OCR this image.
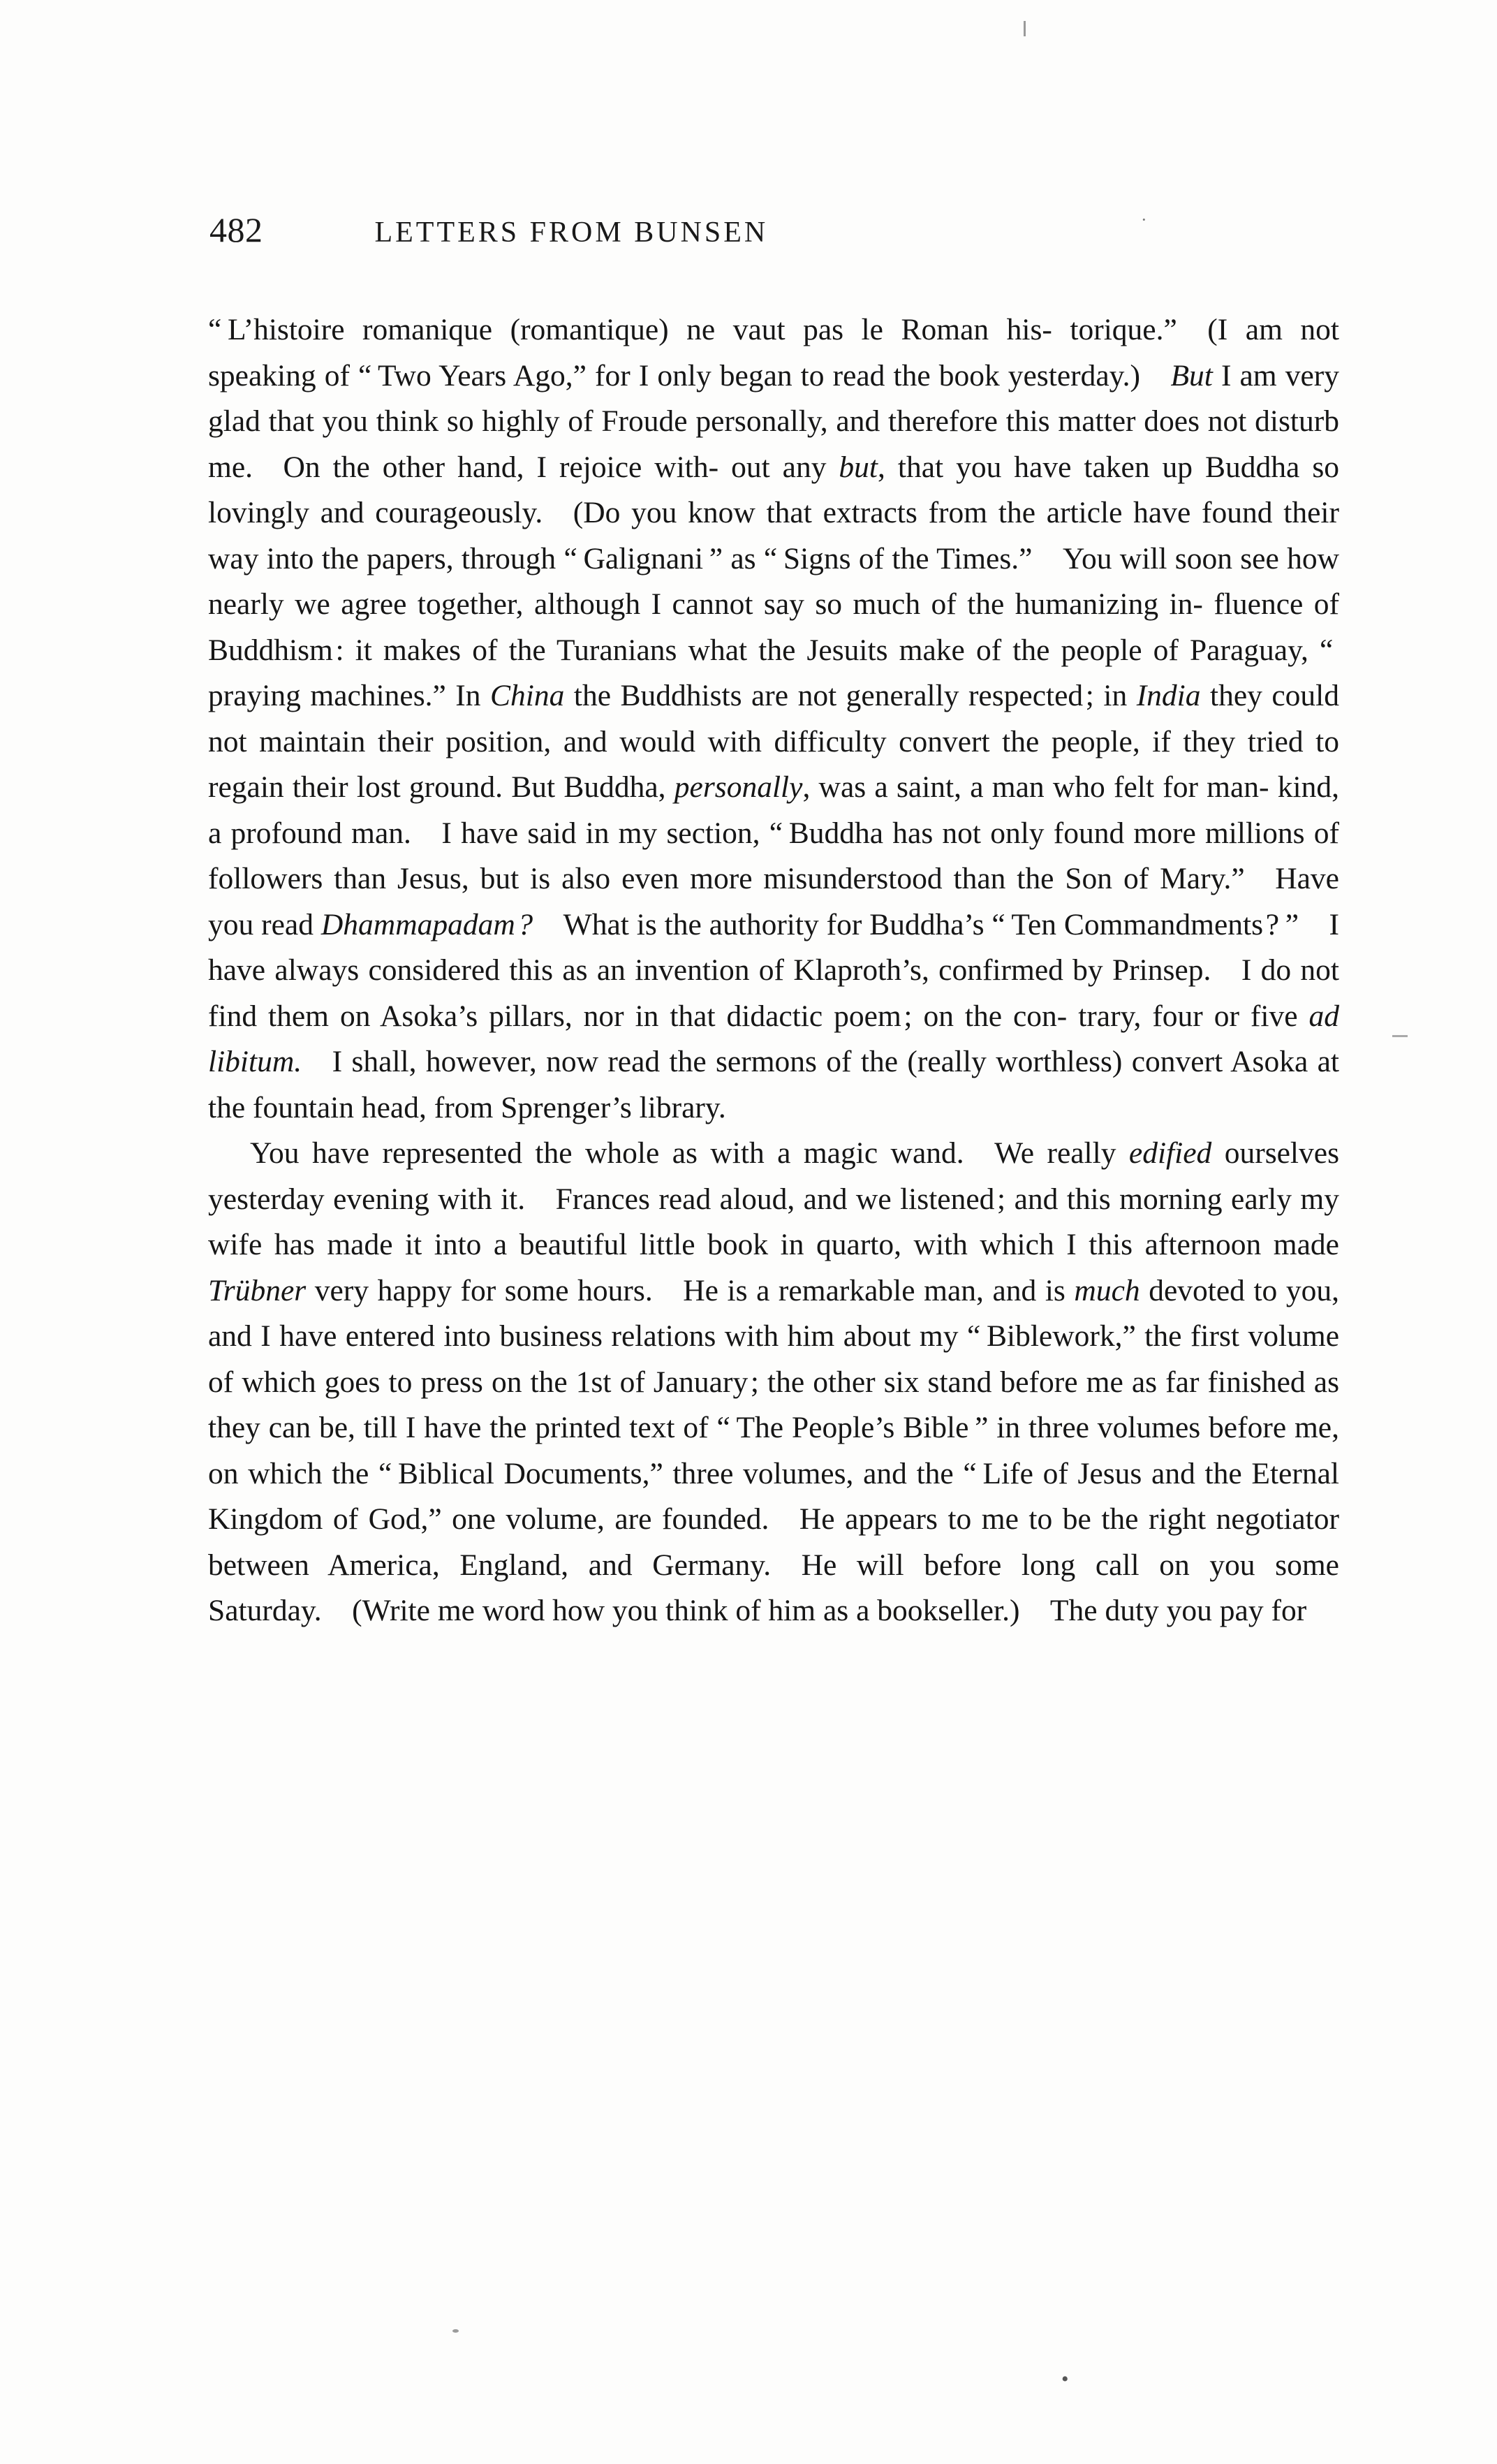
482	LETTERS FROM BUNSEN	·

“ L’histoire romanique (romantique) ne vaut pas le Roman his- torique.” (I am not speaking of “ Two Years Ago,” for I only began to read the book yesterday.) But I am very glad that you think so highly of Froude personally, and therefore this matter does not disturb me. On the other hand, I rejoice with- out any but, that you have taken up Buddha so lovingly and courageously. (Do you know that extracts from the article have found their way into the papers, through “ Galignani ” as “ Signs of the Times.” You will soon see how nearly we agree together, although I cannot say so much of the humanizing in- fluence of Buddhism : it makes of the Turanians what the Jesuits make of the people of Paraguay, “ praying machines.” In China the Buddhists are not generally respected ; in India they could not maintain their position, and would with difficulty convert the people, if they tried to regain their lost ground. But Buddha, personally, was a saint, a man who felt for man- kind, a profound man. I have said in my section, “ Buddha has not only found more millions of followers than Jesus, but is also even more misunderstood than the Son of Mary.” Have you read Dhammapadam ? What is the authority for Buddha’s “ Ten Commandments ? ” I have always considered this as an invention of Klaproth’s, confirmed by Prinsep. I do not find them on Asoka’s pillars, nor in that didactic poem ; on the con- trary, four or five ad libitum. I shall, however, now read the sermons of the (really worthless) convert Asoka at the fountain head, from Sprenger’s library.

You have represented the whole as with a magic wand. We really edified ourselves yesterday evening with it. Frances read aloud, and we listened ; and this morning early my wife has made it into a beautiful little book in quarto, with which I this afternoon made Trübner very happy for some hours. He is a remarkable man, and is much devoted to you, and I have entered into business relations with him about my “ Biblework,” the first volume of which goes to press on the 1st of January ; the other six stand before me as far finished as they can be, till I have the printed text of “ The People’s Bible ” in three volumes before me, on which the “ Biblical Documents,” three volumes, and the “ Life of Jesus and the Eternal Kingdom of God,” one volume, are founded. He appears to me to be the right negotiator between America, England, and Germany. He will before long call on you some Saturday. (Write me word how you think of him as a bookseller.) The duty you pay for

•
